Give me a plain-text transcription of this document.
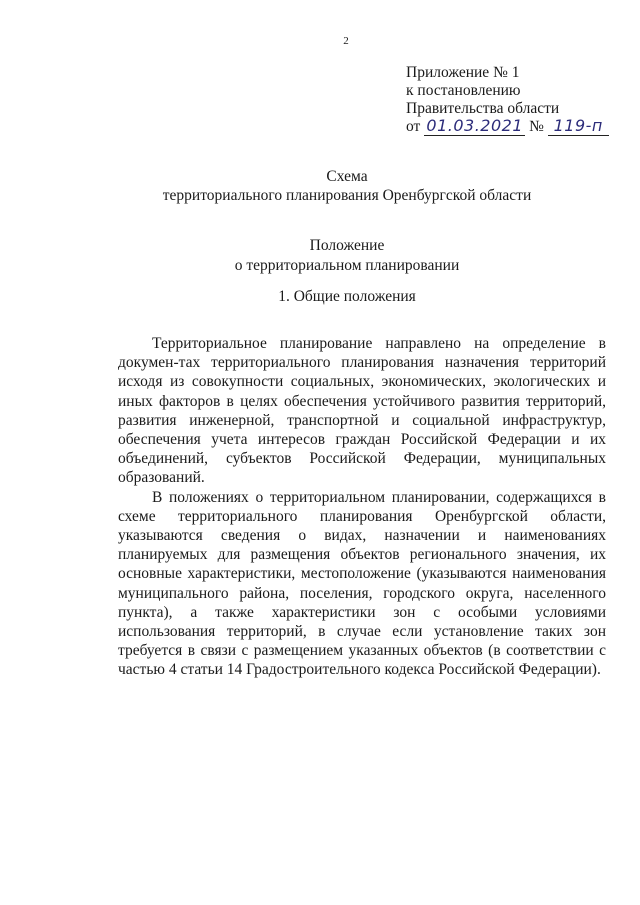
2
Приложение № 1
к постановлению
Правительства области
от 01.03.2021 № 119-п
Схема
территориального планирования Оренбургской области
Положение
о территориальном планировании
1. Общие положения

Территориальное планирование направлено на определение в докумен-тах территориального планирования назначения территорий исходя из совокупности социальных, экономических, экологических и иных факторов в целях обеспечения устойчивого развития территорий, развития инженерной, транспортной и социальной инфраструктур, обеспечения учета интересов граждан Российской Федерации и их объединений, субъектов Российской Федерации, муниципальных образований.

В положениях о территориальном планировании, содержащихся в схеме территориального планирования Оренбургской области, указываются сведения о видах, назначении и наименованиях планируемых для размещения объектов регионального значения, их основные характеристики, местоположение (указываются наименования муниципального района, поселения, городского округа, населенного пункта), а также характеристики зон с особыми условиями использования территорий, в случае если установление таких зон требуется в связи с размещением указанных объектов (в соответствии с частью 4 статьи 14 Градостроительного кодекса Российской Федерации).
